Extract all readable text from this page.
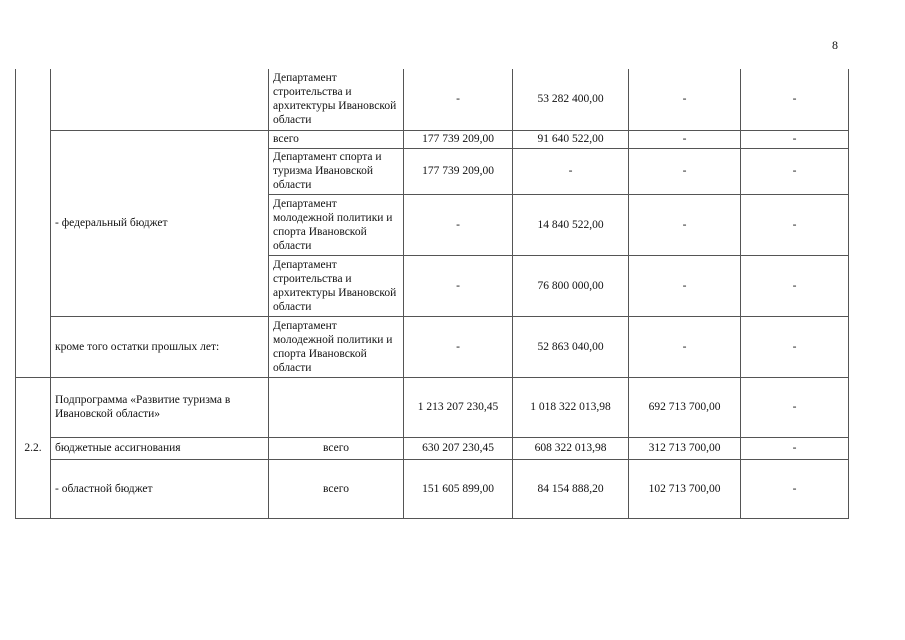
8
		Департамент строительства и архитектуры Ивановской области	-	53 282 400,00	-	-
	- федеральный бюджет	всего	177 739 209,00	91 640 522,00	-	-
		Департамент спорта и туризма Ивановской области	177 739 209,00	-	-	-
		Департамент молодежной политики и спорта Ивановской области	-	14 840 522,00	-	-
		Департамент строительства и архитектуры Ивановской области	-	76 800 000,00	-	-
	кроме того остатки прошлых лет:	Департамент молодежной политики и спорта Ивановской области	-	52 863 040,00	-	-
2.2.	Подпрограмма «Развитие туризма в Ивановской области»		1 213 207 230,45	1 018 322 013,98	692 713 700,00	-
	бюджетные ассигнования	всего	630 207 230,45	608 322 013,98	312 713 700,00	-
	- областной бюджет	всего	151 605 899,00	84 154 888,20	102 713 700,00	-
